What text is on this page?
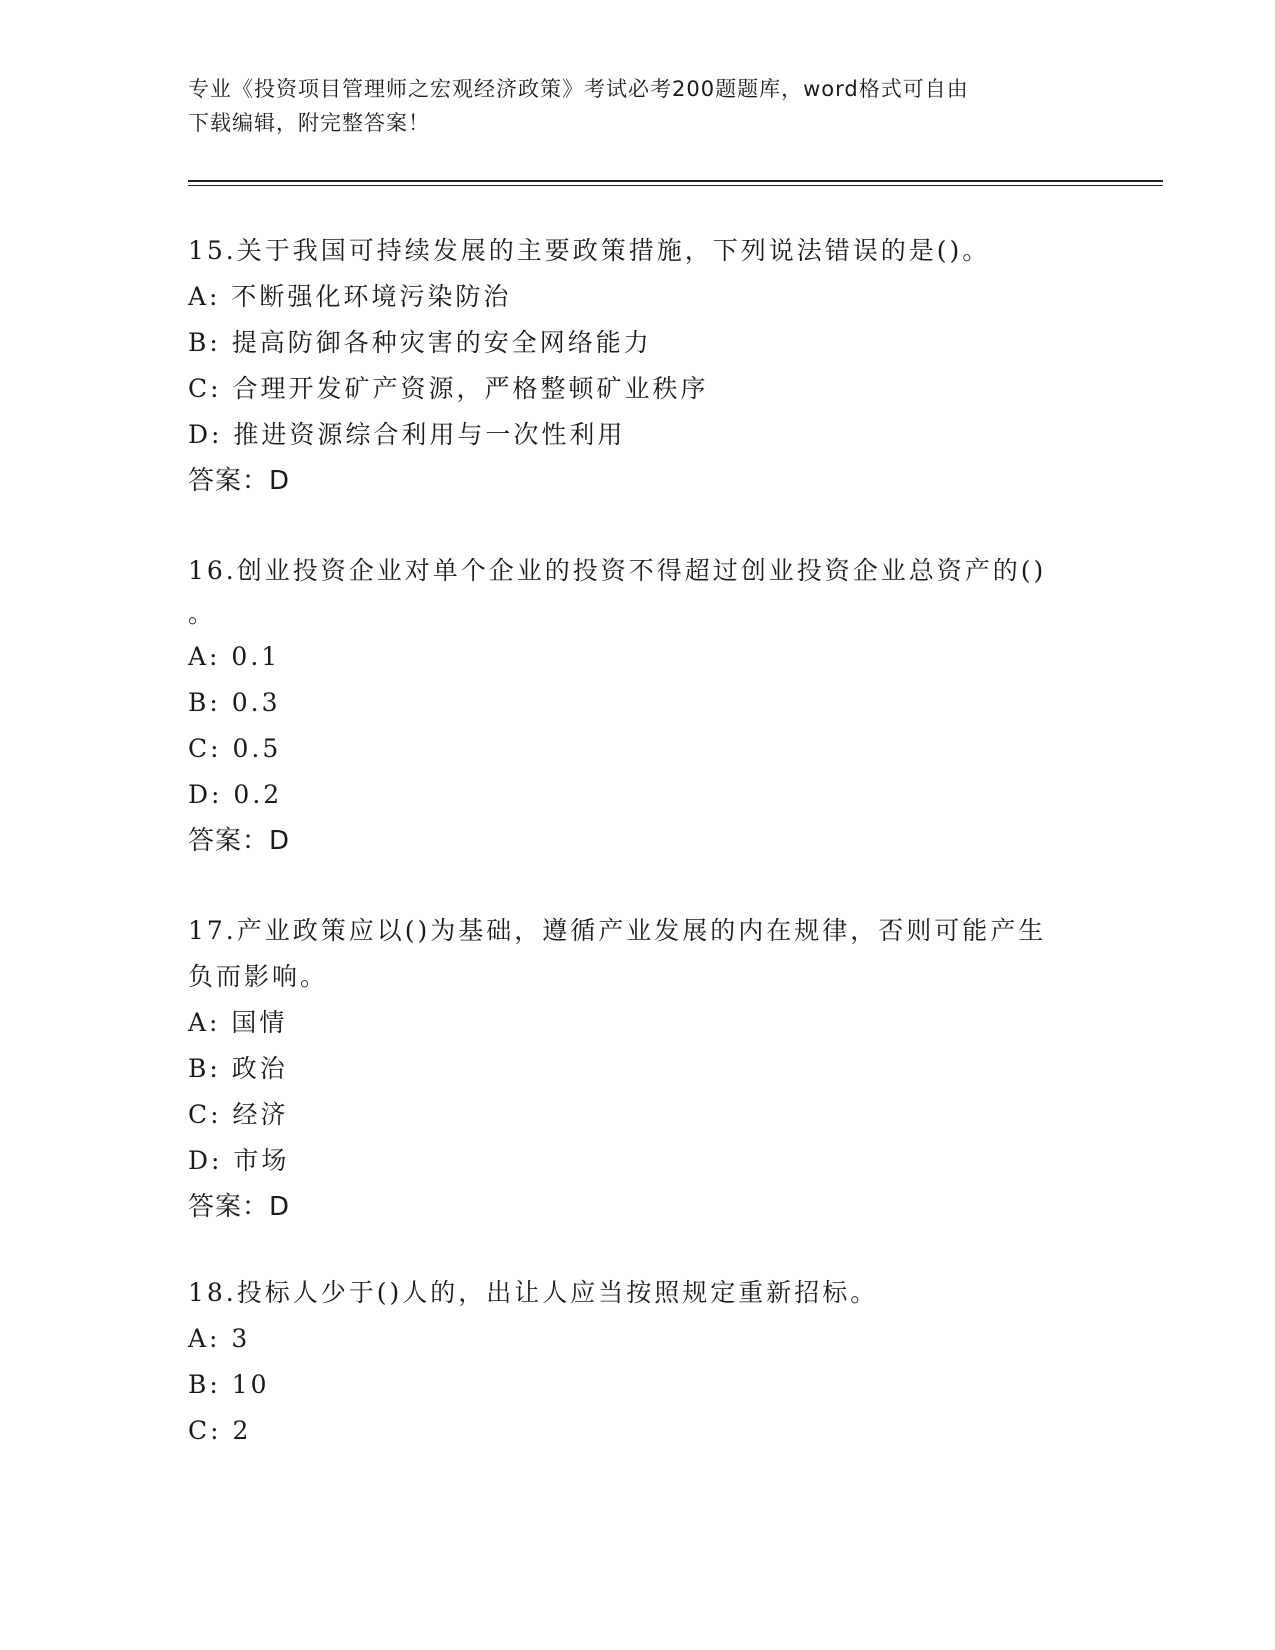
专业《投资项目管理师之宏观经济政策》考试必考200题题库，word格式可自由
下载编辑，附完整答案！
15.关于我国可持续发展的主要政策措施，下列说法错误的是()。
A: 不断强化环境污染防治
B: 提高防御各种灾害的安全网络能力
C: 合理开发矿产资源，严格整顿矿业秩序
D: 推进资源综合利用与一次性利用
答案：D
16.创业投资企业对单个企业的投资不得超过创业投资企业总资产的()
。
A: 0.1
B: 0.3
C: 0.5
D: 0.2
答案：D
17.产业政策应以()为基础，遵循产业发展的内在规律，否则可能产生
负而影响。
A: 国情
B: 政治
C: 经济
D: 市场
答案：D
18.投标人少于()人的，出让人应当按照规定重新招标。
A: 3
B: 10
C: 2
